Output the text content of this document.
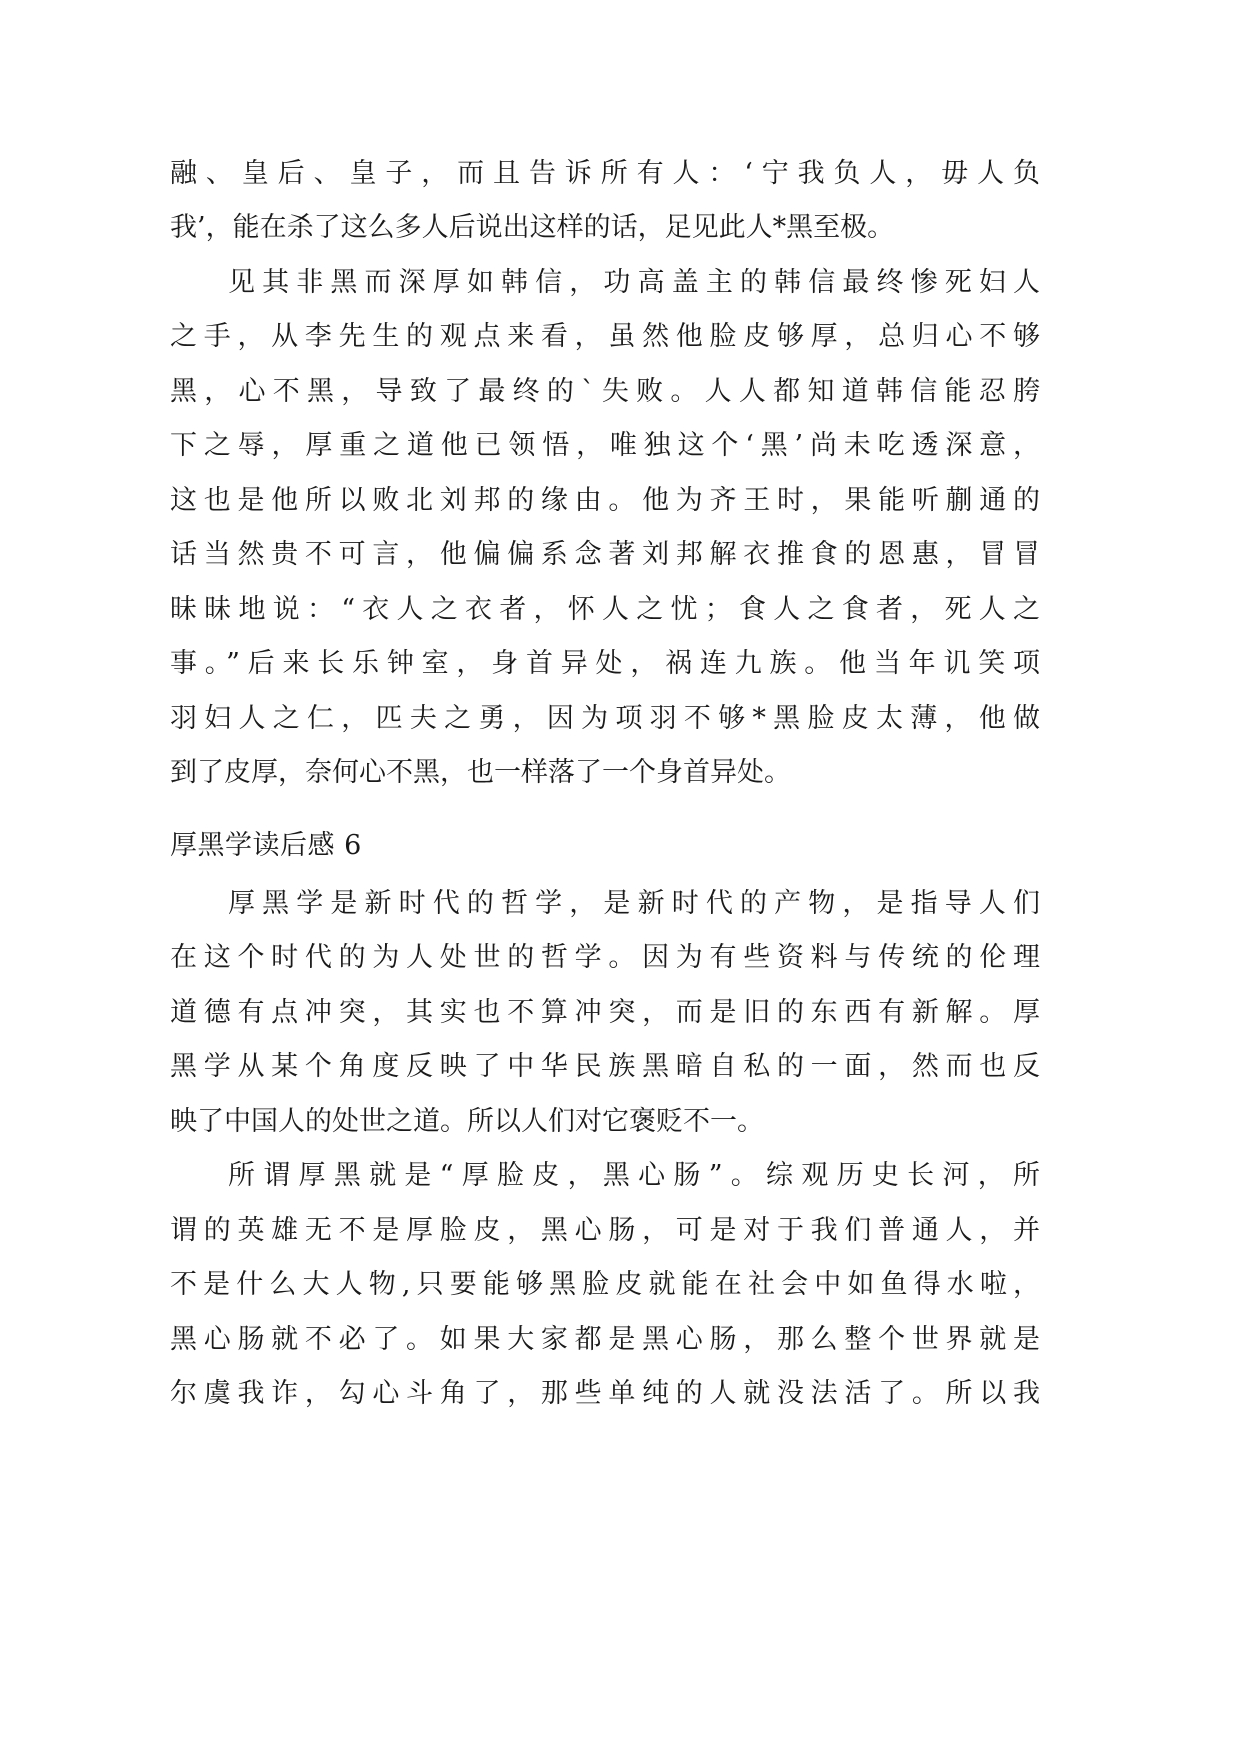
融、皇后、皇子，而且告诉所有人：‘宁我负人，毋人负
我’，能在杀了这么多人后说出这样的话，足见此人*黑至极。
见其非黑而深厚如韩信，功高盖主的韩信最终惨死妇人
之手，从李先生的观点来看，虽然他脸皮够厚，总归心不够
黑，心不黑，导致了最终的`失败。人人都知道韩信能忍胯
下之辱，厚重之道他已领悟，唯独这个‘黑’尚未吃透深意，
这也是他所以败北刘邦的缘由。他为齐王时，果能听蒯通的
话当然贵不可言，他偏偏系念著刘邦解衣推食的恩惠，冒冒
昧昧地说：“衣人之衣者，怀人之忧；食人之食者，死人之
事。”后来长乐钟室，身首异处，祸连九族。他当年讥笑项
羽妇人之仁，匹夫之勇，因为项羽不够*黑脸皮太薄，他做
到了皮厚，奈何心不黑，也一样落了一个身首异处。
厚黑学读后感 6
厚黑学是新时代的哲学，是新时代的产物，是指导人们
在这个时代的为人处世的哲学。因为有些资料与传统的伦理
道德有点冲突，其实也不算冲突，而是旧的东西有新解。厚
黑学从某个角度反映了中华民族黑暗自私的一面，然而也反
映了中国人的处世之道。所以人们对它褒贬不一。
所谓厚黑就是“厚脸皮，黑心肠”。综观历史长河，所
谓的英雄无不是厚脸皮，黑心肠，可是对于我们普通人，并
不是什么大人物,只要能够黑脸皮就能在社会中如鱼得水啦，
黑心肠就不必了。如果大家都是黑心肠，那么整个世界就是
尔虞我诈，勾心斗角了，那些单纯的人就没法活了。所以我
